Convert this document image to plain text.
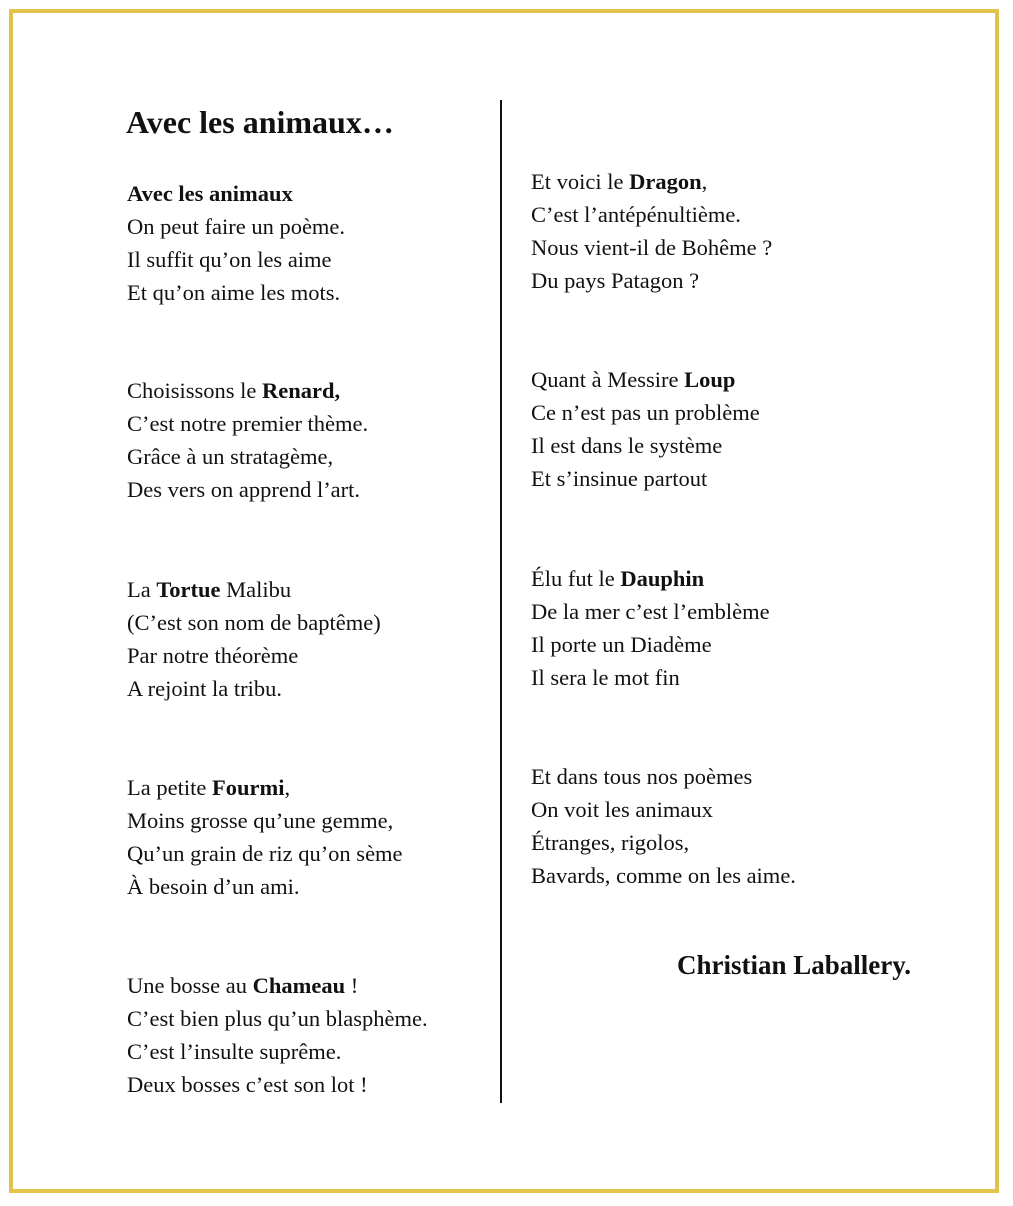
Avec les animaux…
Avec les animaux
On peut faire un poème.
Il suffit qu’on les aime
Et qu’on aime les mots.
Choisissons le Renard,
C’est notre premier thème.
Grâce à un stratagème,
Des vers on apprend l’art.
La Tortue Malibu
(C’est son nom de baptême)
Par notre théorème
A rejoint la tribu.
La petite Fourmi,
Moins grosse qu’une gemme,
Qu’un grain de riz qu’on sème
À besoin d’un ami.
Une bosse au Chameau !
C’est bien plus qu’un blasphème.
C’est l’insulte suprême.
Deux bosses c’est son lot !
Et voici le Dragon,
C’est l’antépénultième.
Nous vient-il de Bohême ?
Du pays Patagon ?
Quant à Messire Loup
Ce n’est pas un problème
Il est dans le système
Et s’insinue partout
Élu fut le Dauphin
De la mer c’est l’emblème
Il porte un Diadème
Il sera le mot fin
Et dans tous nos poèmes
On voit les animaux
Étranges, rigolos,
Bavards, comme on les aime.
Christian Laballery.
